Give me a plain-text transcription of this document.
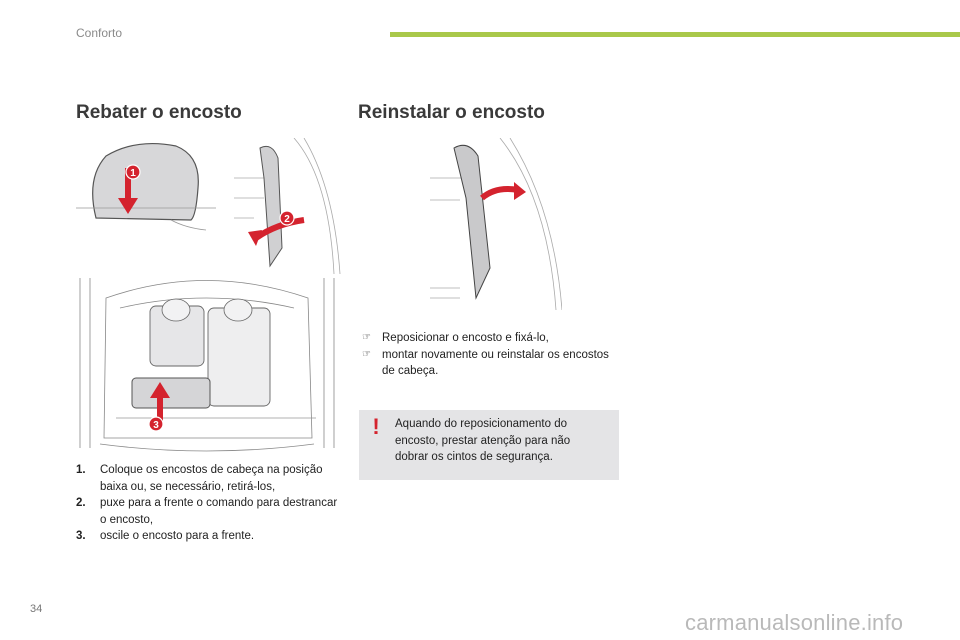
Conforto
Rebater o encosto	Reinstalar o encosto
1
2
3
1. Coloque os encostos de cabeça na posição baixa ou, se necessário, retirá-los,
2. puxe para a frente o comando para destrancar o encosto,
3. oscile o encosto para a frente.
☞ Reposicionar o encosto e fixá-lo,
☞ montar novamente ou reinstalar os encostos de cabeça.
!	Aquando do reposicionamento do encosto, prestar atenção para não dobrar os cintos de segurança.
34
carmanualsonline.info
